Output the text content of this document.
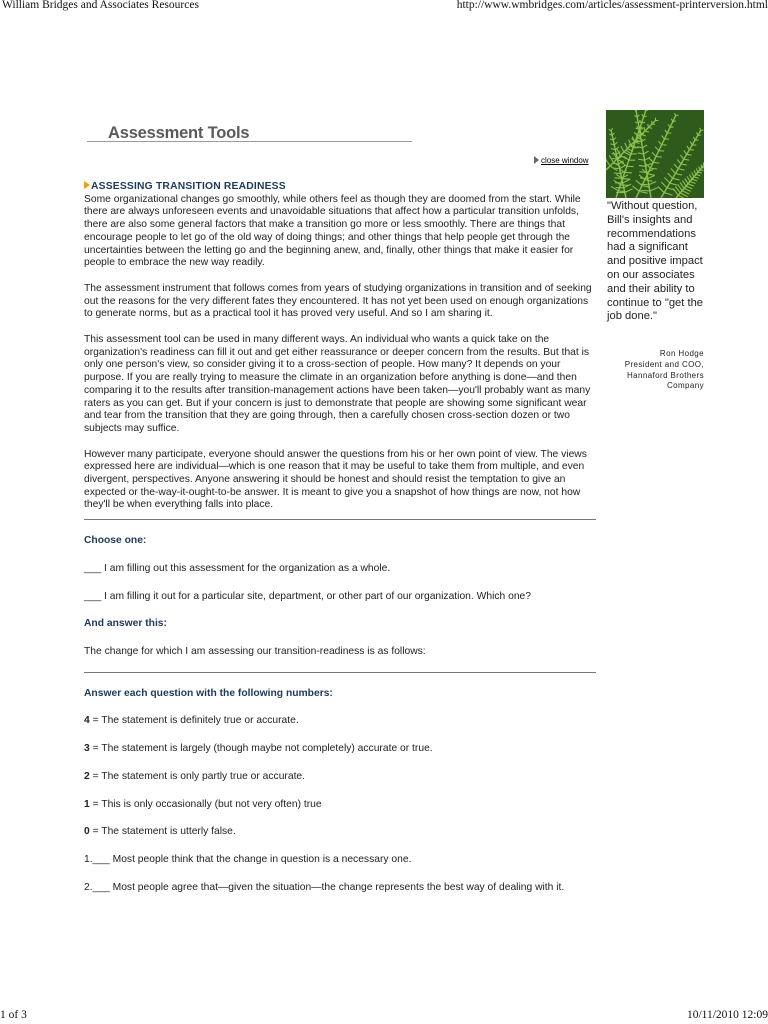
William Bridges and Associates Resources	http://www.wmbridges.com/articles/assessment-printerversion.html
Assessment Tools
close window
ASSESSING TRANSITION READINESS

Some organizational changes go smoothly, while others feel as though they are doomed from the start. While there are always unforeseen events and unavoidable situations that affect how a particular transition unfolds, there are also some general factors that make a transition go more or less smoothly. There are things that encourage people to let go of the old way of doing things; and other things that help people get through the uncertainties between the letting go and the beginning anew, and, finally, other things that make it easier for people to embrace the new way readily.

The assessment instrument that follows comes from years of studying organizations in transition and of seeking out the reasons for the very different fates they encountered. It has not yet been used on enough organizations to generate norms, but as a practical tool it has proved very useful. And so I am sharing it.

This assessment tool can be used in many different ways. An individual who wants a quick take on the organization's readiness can fill it out and get either reassurance or deeper concern from the results. But that is only one person's view, so consider giving it to a cross-section of people. How many? It depends on your purpose. If you are really trying to measure the climate in an organization before anything is done—and then comparing it to the results after transition-management actions have been taken—you'll probably want as many raters as you can get. But if your concern is just to demonstrate that people are showing some significant wear and tear from the transition that they are going through, then a carefully chosen cross-section dozen or two subjects may suffice.

However many participate, everyone should answer the questions from his or her own point of view. The views expressed here are individual—which is one reason that it may be useful to take them from multiple, and even divergent, perspectives. Anyone answering it should be honest and should resist the temptation to give an expected or the-way-it-ought-to-be answer. It is meant to give you a snapshot of how things are now, not how they'll be when everything falls into place.

Choose one:

___ I am filling out this assessment for the organization as a whole.

___ I am filling it out for a particular site, department, or other part of our organization. Which one?

And answer this:

The change for which I am assessing our transition-readiness is as follows:

Answer each question with the following numbers:

4 = The statement is definitely true or accurate.

3 = The statement is largely (though maybe not completely) accurate or true.

2 = The statement is only partly true or accurate.

1 = This is only occasionally (but not very often) true

0 = The statement is utterly false.

1.___ Most people think that the change in question is a necessary one.

2.___ Most people agree that—given the situation—the change represents the best way of dealing with it.

"Without question, Bill's insights and recommendations had a significant and positive impact on our associates and their ability to continue to "get the job done."
Ron Hodge
President and COO,
Hannaford Brothers
Company
1 of 3	10/11/2010 12:09
